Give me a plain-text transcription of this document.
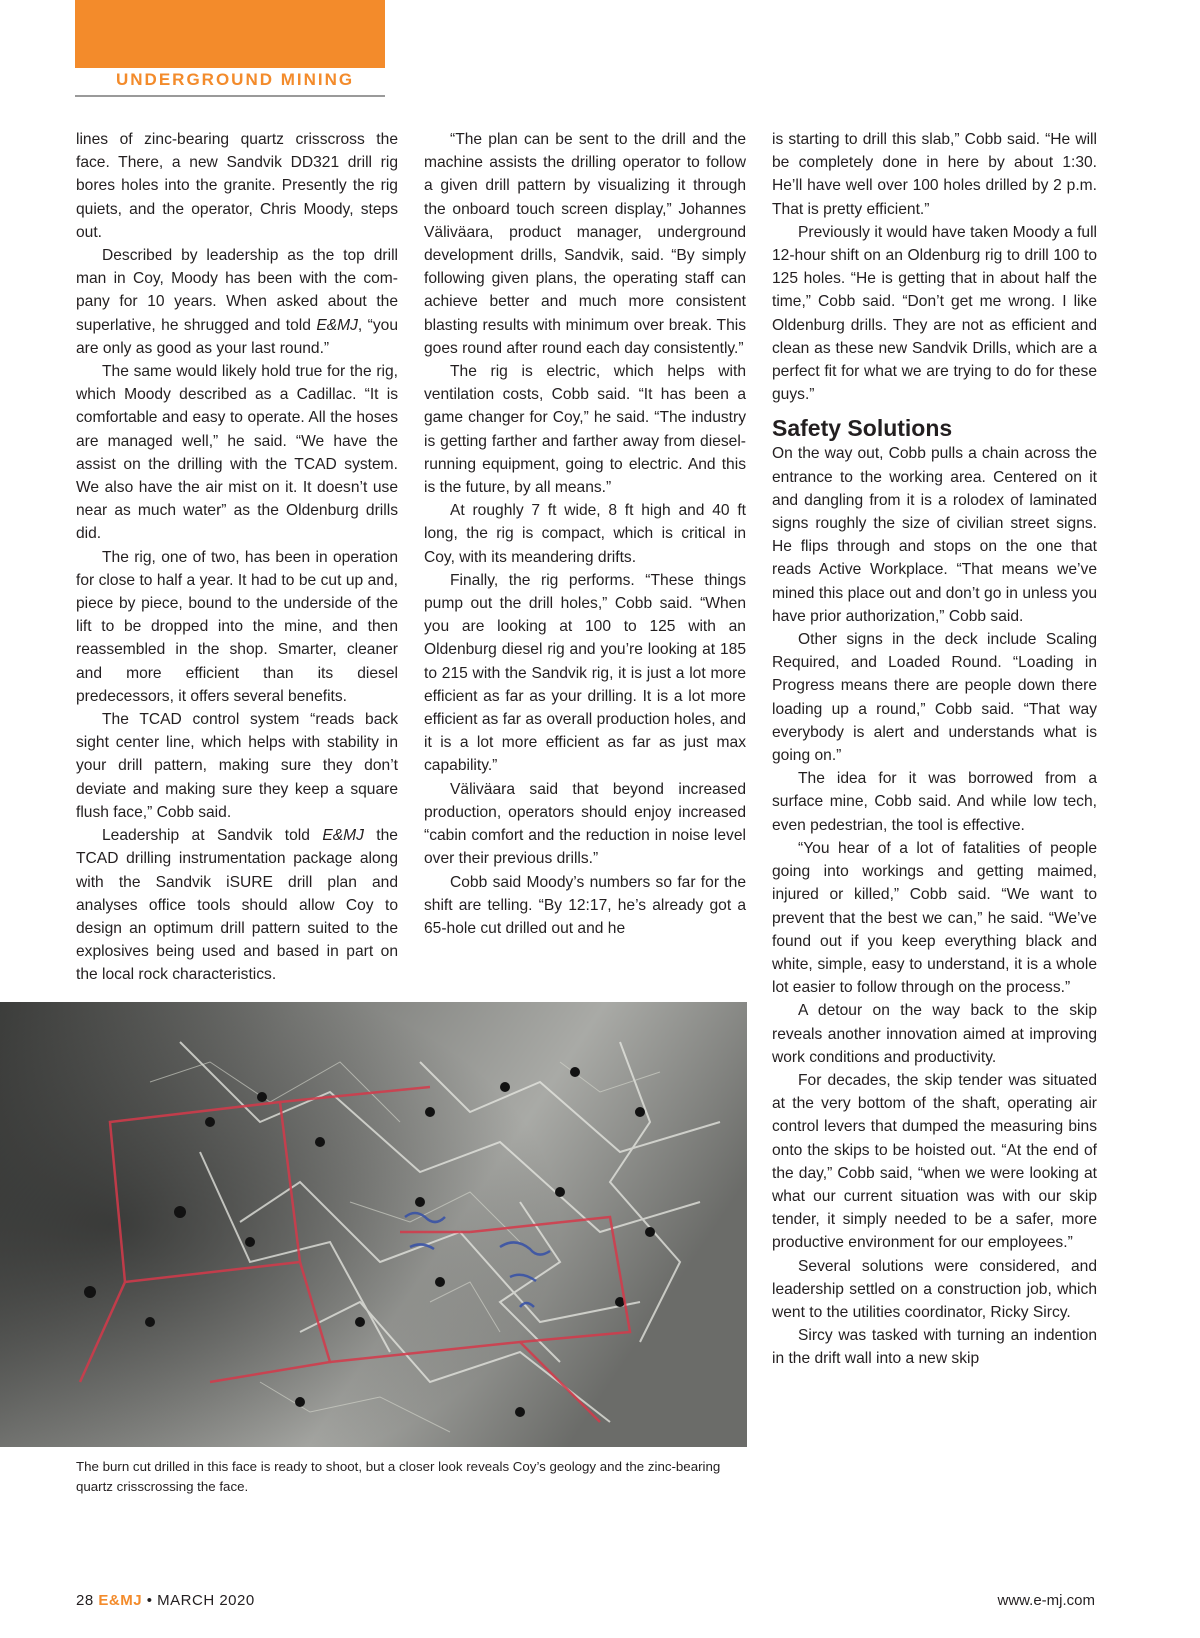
UNDERGROUND MINING

lines of zinc-bearing quartz crisscross the face. There, a new Sandvik DD321 drill rig bores holes into the granite. Presently the rig quiets, and the operator, Chris Moody, steps out.

Described by leadership as the top drill man in Coy, Moody has been with the company for 10 years. When asked about the superlative, he shrugged and told E&MJ, “you are only as good as your last round.”

The same would likely hold true for the rig, which Moody described as a Cadillac. “It is comfortable and easy to operate. All the hoses are managed well,” he said. “We have the assist on the drilling with the TCAD system. We also have the air mist on it. It doesn’t use near as much water” as the Oldenburg drills did.

The rig, one of two, has been in operation for close to half a year. It had to be cut up and, piece by piece, bound to the underside of the lift to be dropped into the mine, and then reassembled in the shop. Smarter, cleaner and more efficient than its diesel predecessors, it offers several benefits.

The TCAD control system “reads back sight center line, which helps with stability in your drill pattern, making sure they don’t deviate and making sure they keep a square flush face,” Cobb said.

Leadership at Sandvik told E&MJ the TCAD drilling instrumentation package along with the Sandvik iSURE drill plan and analyses office tools should allow Coy to design an optimum drill pattern suited to the explosives being used and based in part on the local rock characteristics.

“The plan can be sent to the drill and the machine assists the drilling operator to follow a given drill pattern by visualizing it through the onboard touch screen display,” Johannes Väliväara, product manager, underground development drills, Sandvik, said. “By simply following given plans, the operating staff can achieve better and much more consistent blasting results with minimum over break. This goes round after round each day consistently.”

The rig is electric, which helps with ventilation costs, Cobb said. “It has been a game changer for Coy,” he said. “The industry is getting farther and farther away from diesel-running equipment, going to electric. And this is the future, by all means.”

At roughly 7 ft wide, 8 ft high and 40 ft long, the rig is compact, which is critical in Coy, with its meandering drifts.

Finally, the rig performs. “These things pump out the drill holes,” Cobb said. “When you are looking at 100 to 125 with an Oldenburg diesel rig and you’re looking at 185 to 215 with the Sandvik rig, it is just a lot more efficient as far as your drilling. It is a lot more efficient as far as overall production holes, and it is a lot more efficient as far as just max capability.”

Väliväara said that beyond increased production, operators should enjoy increased “cabin comfort and the reduction in noise level over their previous drills.”

Cobb said Moody’s numbers so far for the shift are telling. “By 12:17, he’s already got a 65-hole cut drilled out and he

is starting to drill this slab,” Cobb said. “He will be completely done in here by about 1:30. He’ll have well over 100 holes drilled by 2 p.m. That is pretty efficient.”

Previously it would have taken Moody a full 12-hour shift on an Oldenburg rig to drill 100 to 125 holes. “He is getting that in about half the time,” Cobb said. “Don’t get me wrong. I like Oldenburg drills. They are not as efficient and clean as these new Sandvik Drills, which are a perfect fit for what we are trying to do for these guys.”

Safety Solutions

On the way out, Cobb pulls a chain across the entrance to the working area. Centered on it and dangling from it is a rolodex of laminated signs roughly the size of civilian street signs. He flips through and stops on the one that reads Active Workplace. “That means we’ve mined this place out and don’t go in unless you have prior authorization,” Cobb said.

Other signs in the deck include Scaling Required, and Loaded Round. “Loading in Progress means there are people down there loading up a round,” Cobb said. “That way everybody is alert and understands what is going on.”

The idea for it was borrowed from a surface mine, Cobb said. And while low tech, even pedestrian, the tool is effective.

“You hear of a lot of fatalities of people going into workings and getting maimed, injured or killed,” Cobb said. “We want to prevent that the best we can,” he said. “We’ve found out if you keep everything black and white, simple, easy to understand, it is a whole lot easier to follow through on the process.”

A detour on the way back to the skip reveals another innovation aimed at improving work conditions and productivity.

For decades, the skip tender was situated at the very bottom of the shaft, operating air control levers that dumped the measuring bins onto the skips to be hoisted out. “At the end of the day,” Cobb said, “when we were looking at what our current situation was with our skip tender, it simply needed to be a safer, more productive environment for our employees.”

Several solutions were considered, and leadership settled on a construction job, which went to the utilities coordinator, Ricky Sircy.

Sircy was tasked with turning an indention in the drift wall into a new skip

The burn cut drilled in this face is ready to shoot, but a closer look reveals Coy’s geology and the zinc-bearing quartz crisscrossing the face.
28 E&MJ • MARCH 2020	www.e-mj.com
